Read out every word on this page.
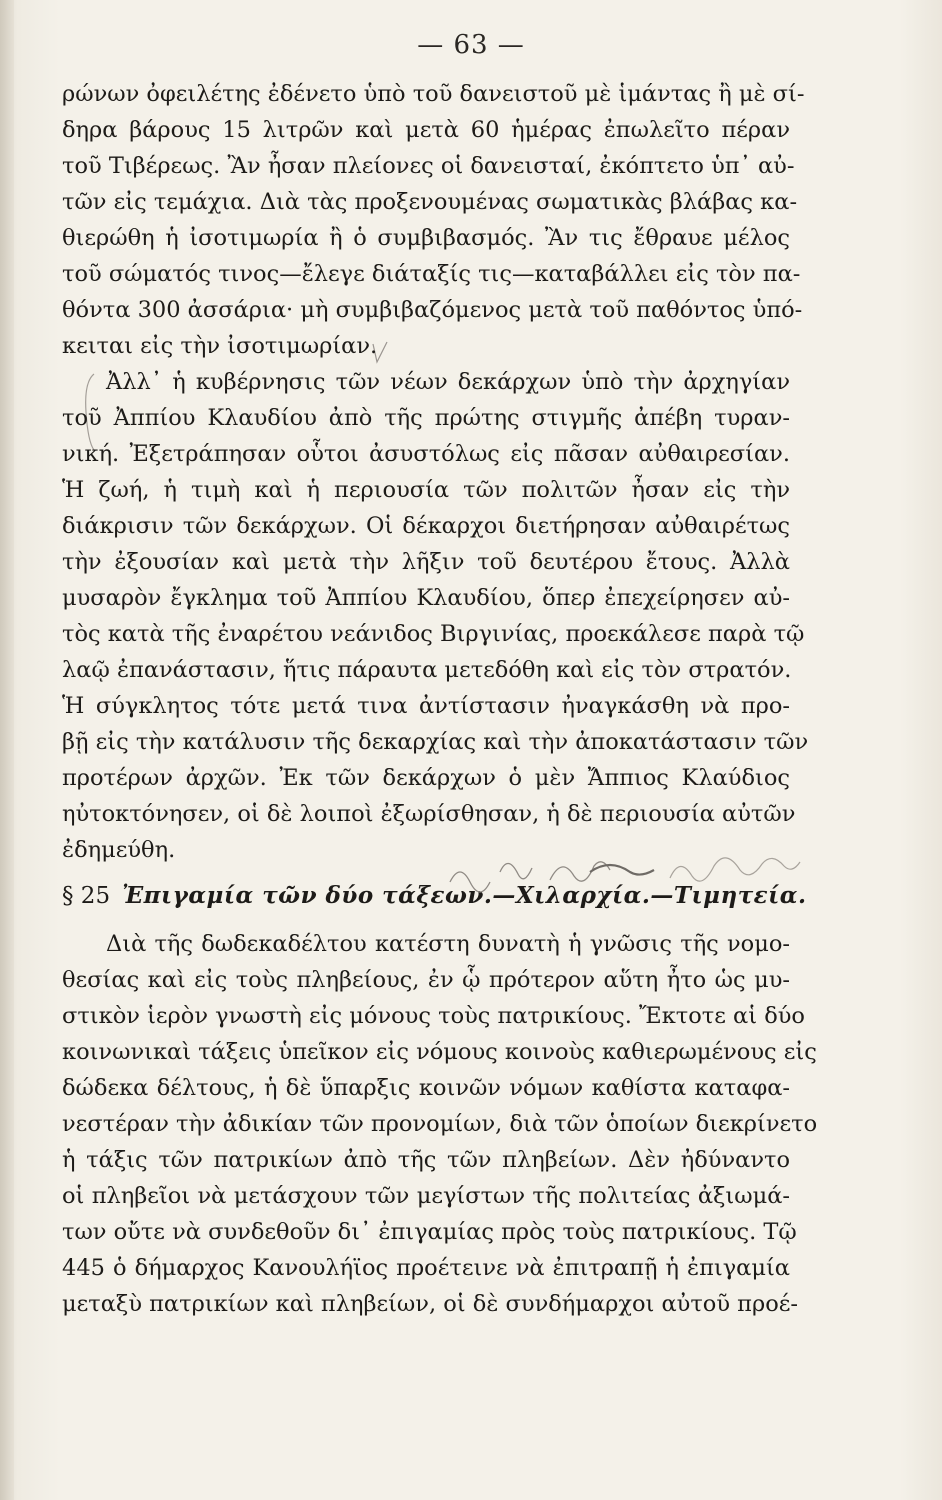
— 63 —
ρώνων ὀφειλέτης ἐδένετο ὑπὸ τοῦ δανειστοῦ μὲ ἱμάντας ἢ μὲ σί-
δηρα βάρους 15 λιτρῶν καὶ μετὰ 60 ἡμέρας ἐπωλεῖτο πέραν
τοῦ Τιβέρεως. Ἂν ἦσαν πλείονες οἱ δανεισταί, ἐκόπτετο ὑπ᾽ αὐ-
τῶν εἰς τεμάχια. Διὰ τὰς προξενουμένας σωματικὰς βλάβας κα-
θιερώθη ἡ ἰσοτιμωρία ἢ ὁ συμβιβασμός. Ἂν τις ἔθραυε μέλος
τοῦ σώματός τινος—ἔλεγε διάταξίς τις—καταβάλλει εἰς τὸν πα-
θόντα 300 ἀσσάρια· μὴ συμβιβαζόμενος μετὰ τοῦ παθόντος ὑπό-
κειται εἰς τὴν ἰσοτιμωρίαν.
Ἀλλ᾽ ἡ κυβέρνησις τῶν νέων δεκάρχων ὑπὸ τὴν ἀρχηγίαν
τοῦ Ἀππίου Κλαυδίου ἀπὸ τῆς πρώτης στιγμῆς ἀπέβη τυραν-
νική. Ἐξετράπησαν οὗτοι ἀσυστόλως εἰς πᾶσαν αὐθαιρεσίαν.
Ἡ ζωή, ἡ τιμὴ καὶ ἡ περιουσία τῶν πολιτῶν ἦσαν εἰς τὴν
διάκρισιν τῶν δεκάρχων. Οἱ δέκαρχοι διετήρησαν αὐθαιρέτως
τὴν ἐξουσίαν καὶ μετὰ τὴν λῆξιν τοῦ δευτέρου ἔτους. Ἀλλὰ
μυσαρὸν ἔγκλημα τοῦ Ἀππίου Κλαυδίου, ὅπερ ἐπεχείρησεν αὐ-
τὸς κατὰ τῆς ἐναρέτου νεάνιδος Βιργινίας, προεκάλεσε παρὰ τῷ
λαῷ ἐπανάστασιν, ἥτις πάραυτα μετεδόθη καὶ εἰς τὸν στρατόν.
Ἡ σύγκλητος τότε μετά τινα ἀντίστασιν ἠναγκάσθη νὰ προ-
βῇ εἰς τὴν κατάλυσιν τῆς δεκαρχίας καὶ τὴν ἀποκατάστασιν τῶν
προτέρων ἀρχῶν. Ἐκ τῶν δεκάρχων ὁ μὲν Ἄππιος Κλαύδιος
ηὐτοκτόνησεν, οἱ δὲ λοιποὶ ἐξωρίσθησαν, ἡ δὲ περιουσία αὐτῶν
ἐδημεύθη.
§ 25 Ἐπιγαμία τῶν δύο τάξεων.—Χιλαρχία.—Τιμητεία.
Διὰ τῆς δωδεκαδέλτου κατέστη δυνατὴ ἡ γνῶσις τῆς νομο-
θεσίας καὶ εἰς τοὺς πληβείους, ἐν ᾧ πρότερον αὕτη ἦτο ὡς μυ-
στικὸν ἱερὸν γνωστὴ εἰς μόνους τοὺς πατρικίους. Ἔκτοτε αἱ δύο
κοινωνικαὶ τάξεις ὑπεῖκον εἰς νόμους κοινοὺς καθιερωμένους εἰς
δώδεκα δέλτους, ἡ δὲ ὕπαρξις κοινῶν νόμων καθίστα καταφα-
νεστέραν τὴν ἀδικίαν τῶν προνομίων, διὰ τῶν ὁποίων διεκρίνετο
ἡ τάξις τῶν πατρικίων ἀπὸ τῆς τῶν πληβείων. Δὲν ἠδύναντο
οἱ πληβεῖοι νὰ μετάσχουν τῶν μεγίστων τῆς πολιτείας ἀξιωμά-
των οὔτε νὰ συνδεθοῦν δι᾽ ἐπιγαμίας πρὸς τοὺς πατρικίους. Τῷ
445 ὁ δήμαρχος Κανουλήϊος προέτεινε νὰ ἐπιτραπῇ ἡ ἐπιγαμία
μεταξὺ πατρικίων καὶ πληβείων, οἱ δὲ συνδήμαρχοι αὐτοῦ προέ-
